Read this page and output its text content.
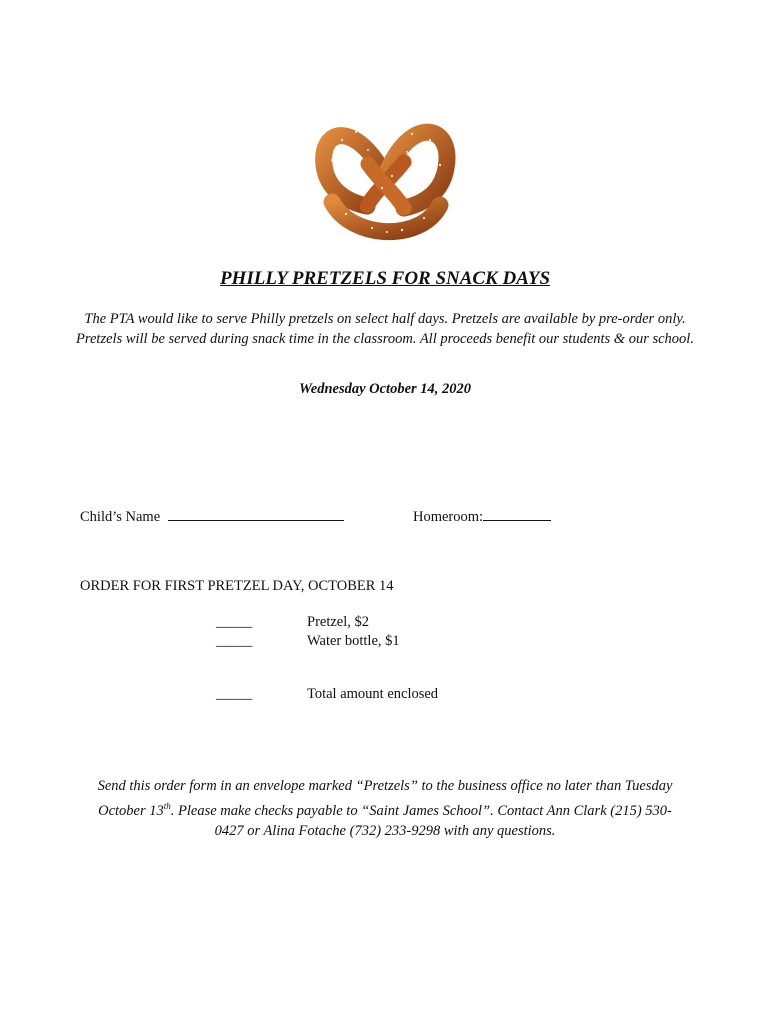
PHILLY PRETZELS FOR SNACK DAYS
The PTA would like to serve Philly pretzels on select half days. Pretzels are available by pre-order only. Pretzels will be served during snack time in the classroom. All proceeds benefit our students & our school.
Wednesday October 14, 2020
Child’s Name	Homeroom:
ORDER FOR FIRST PRETZEL DAY, OCTOBER 14
_____	Pretzel, $2
_____	Water bottle, $1
_____	Total amount enclosed
Send this order form in an envelope marked “Pretzels” to the business office no later than Tuesday
October 13th. Please make checks payable to “Saint James School”. Contact Ann Clark (215) 530-
0427 or Alina Fotache (732) 233-9298 with any questions.
